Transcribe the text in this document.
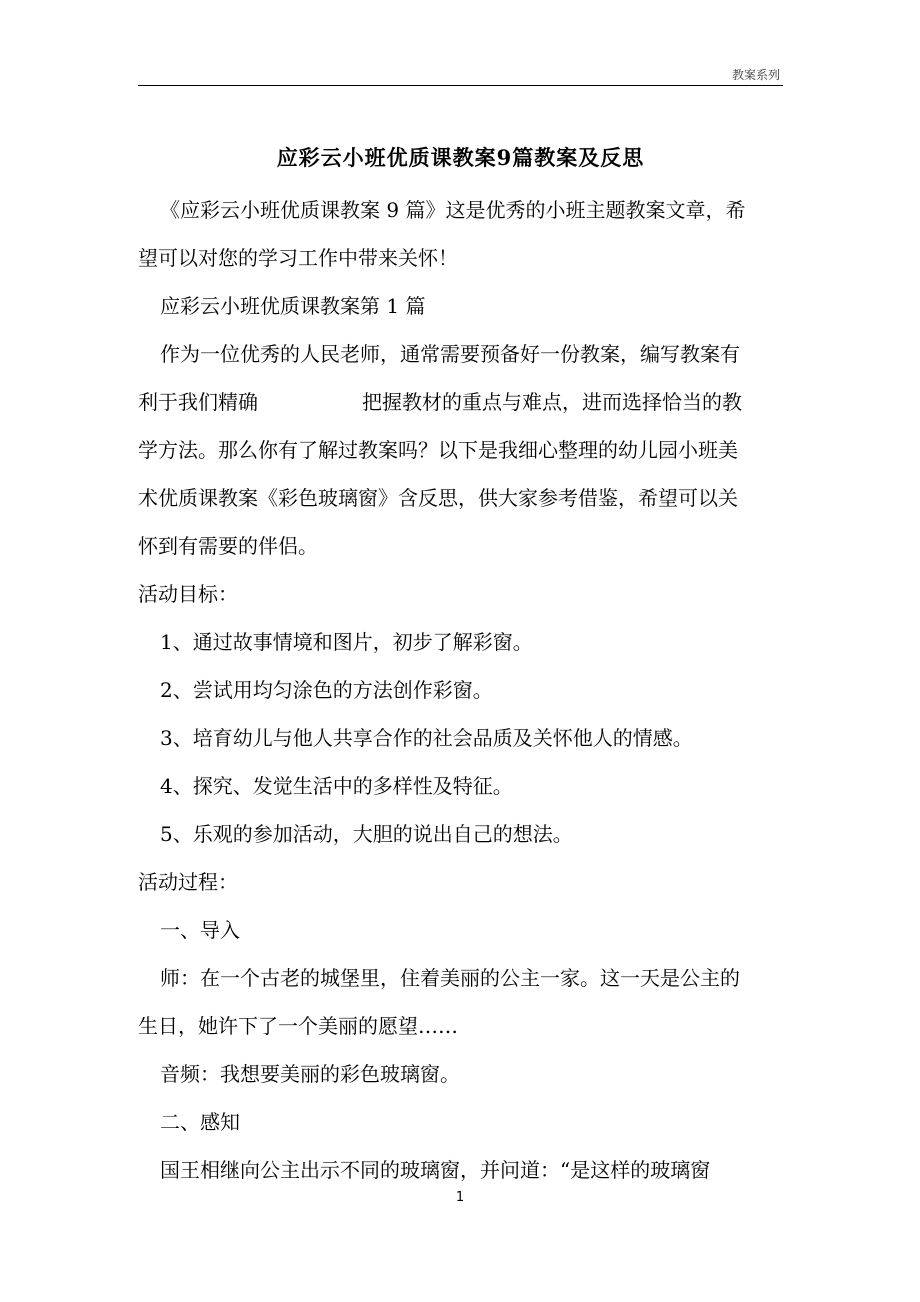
教案系列
应彩云小班优质课教案9篇教案及反思

《应彩云小班优质课教案 9 篇》这是优秀的小班主题教案文章，希

望可以对您的学习工作中带来关怀！

应彩云小班优质课教案第 1 篇

作为一位优秀的人民老师，通常需要预备好一份教案，编写教案有

利于我们精确	把握教材的重点与难点，进而选择恰当的教

学方法。那么你有了解过教案吗？以下是我细心整理的幼儿园小班美

术优质课教案《彩色玻璃窗》含反思，供大家参考借鉴，希望可以关

怀到有需要的伴侣。

活动目标：

1、通过故事情境和图片，初步了解彩窗。

2、尝试用均匀涂色的方法创作彩窗。

3、培育幼儿与他人共享合作的社会品质及关怀他人的情感。

4、探究、发觉生活中的多样性及特征。

5、乐观的参加活动，大胆的说出自己的想法。

活动过程：

一、导入

师：在一个古老的城堡里，住着美丽的公主一家。这一天是公主的

生日，她许下了一个美丽的愿望……

音频：我想要美丽的彩色玻璃窗。

二、感知

国王相继向公主出示不同的玻璃窗，并问道：“是这样的玻璃窗

1
